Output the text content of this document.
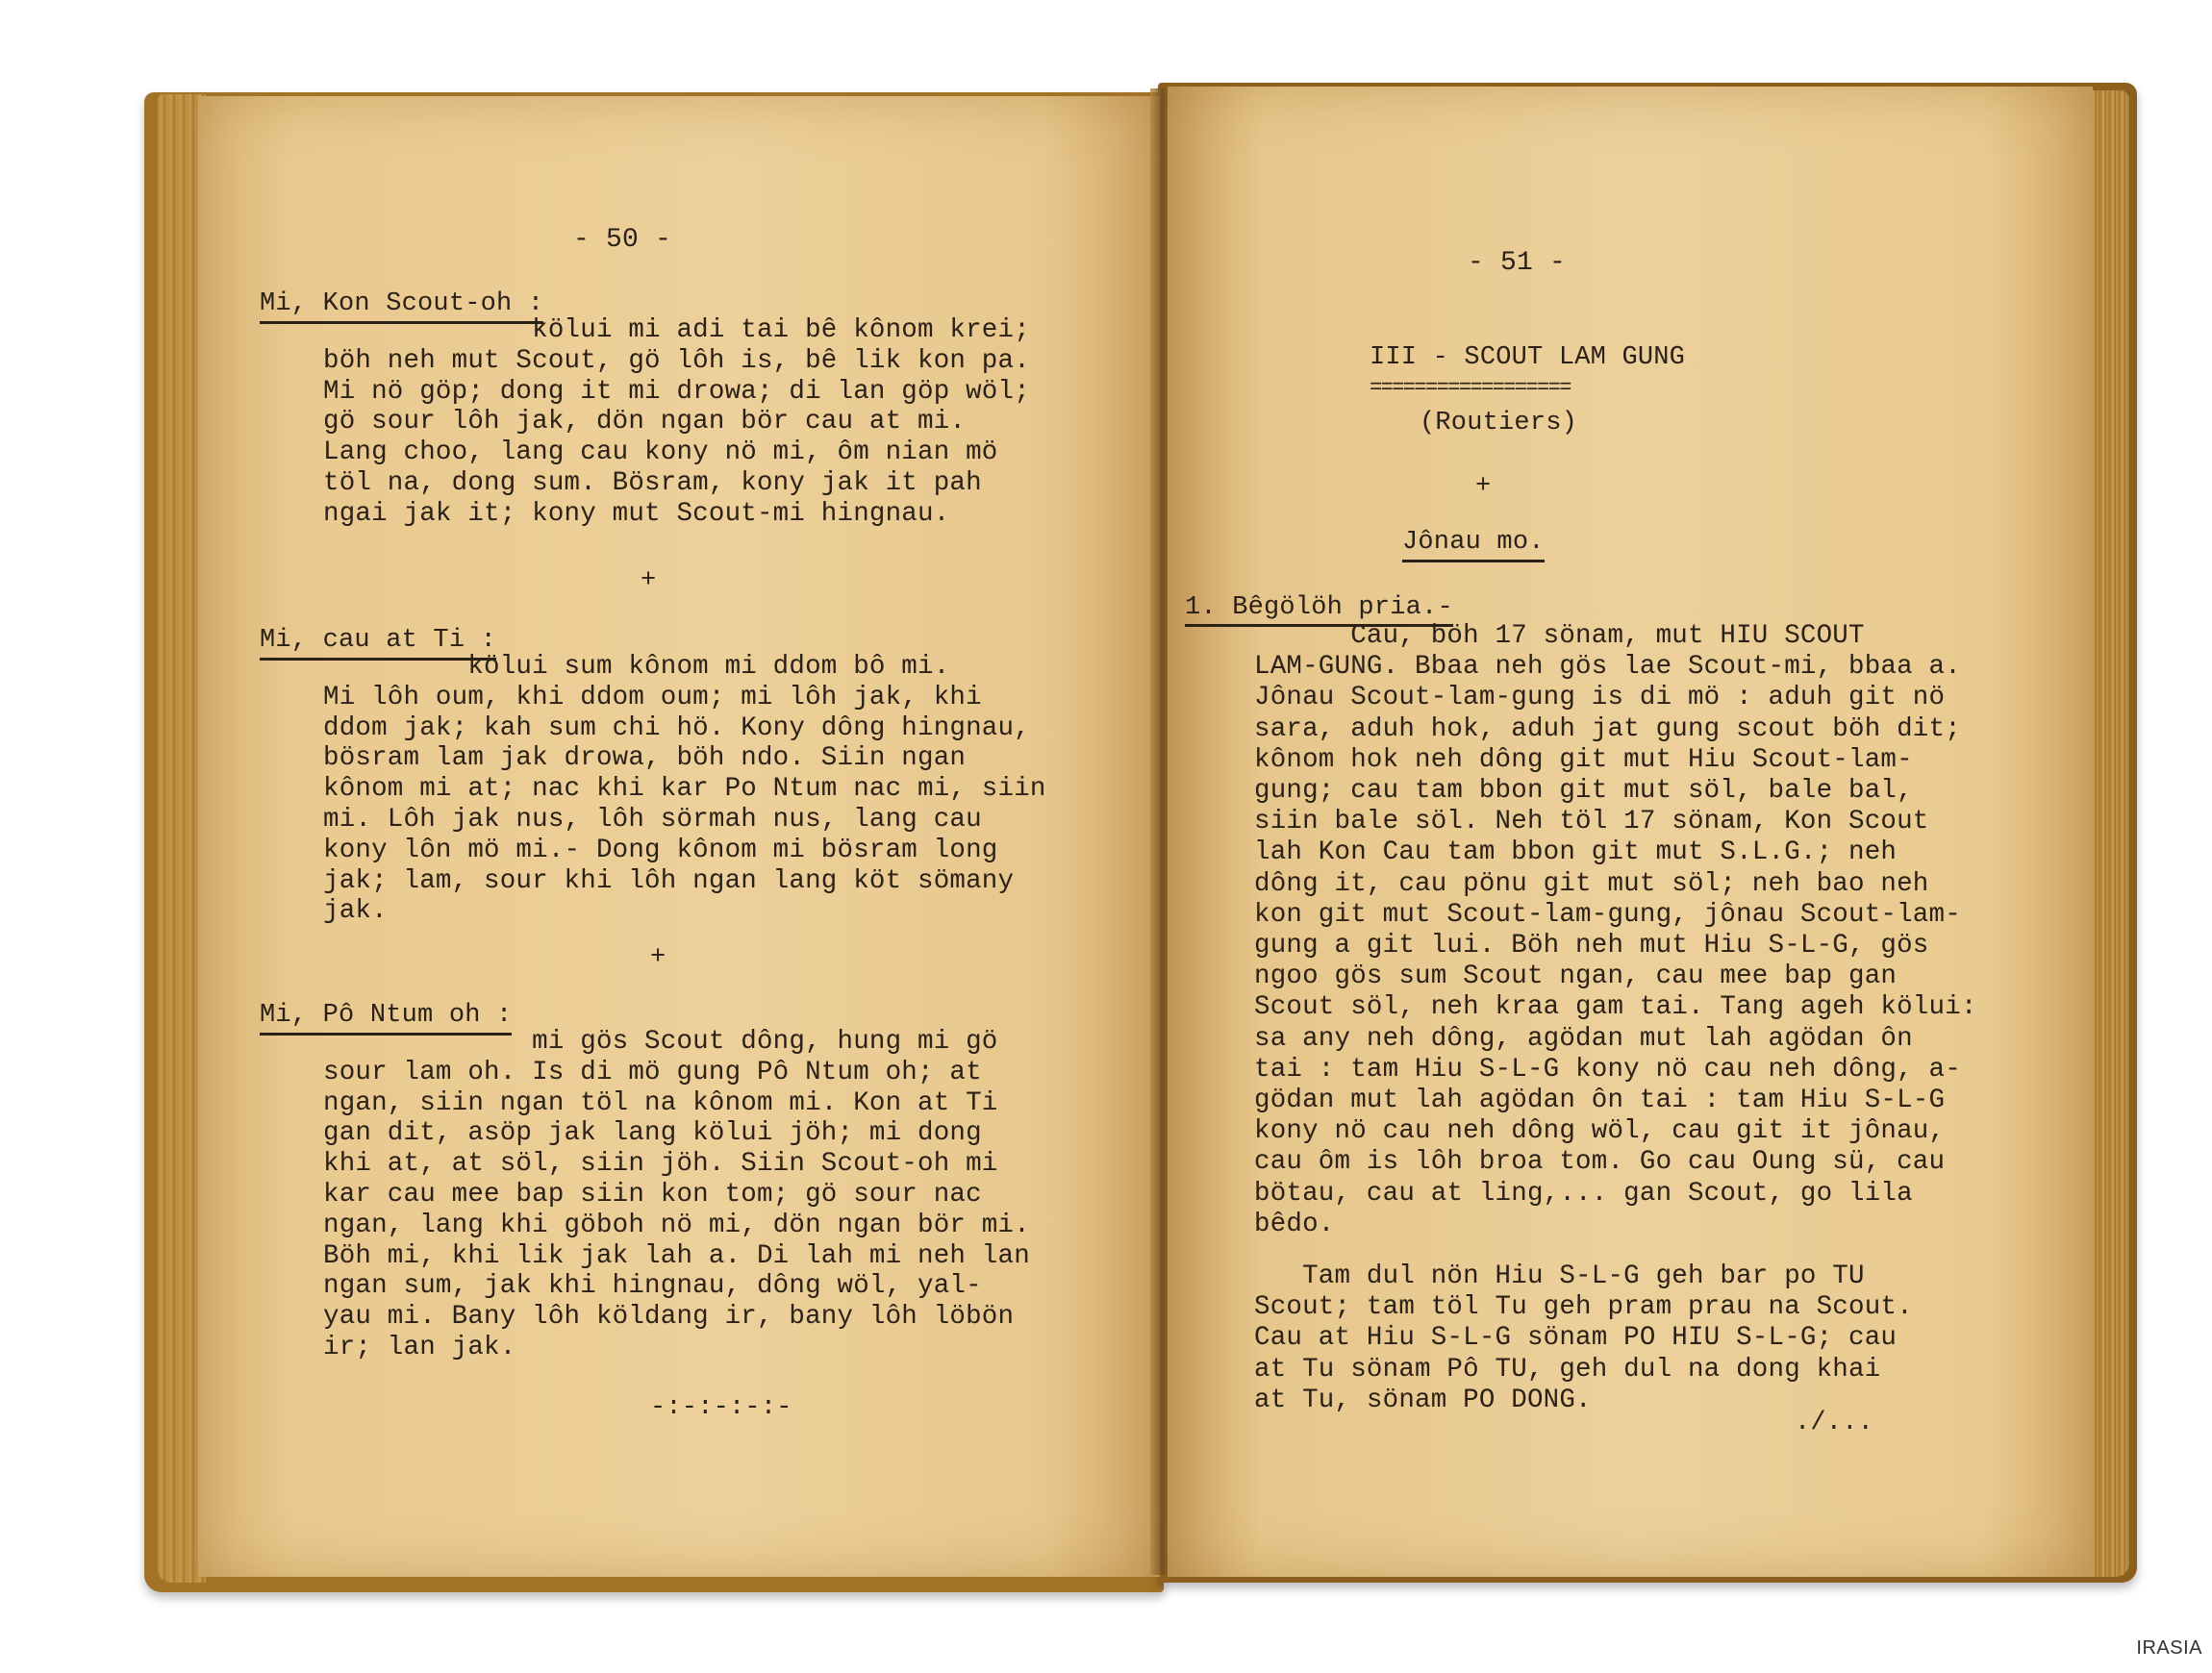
- 50 -

Mi, Kon Scout-oh :

kölui mi adi tai bê kônom krei;

böh neh mut Scout, gö lôh is, bê lik kon pa.

Mi nö göp; dong it mi drowa; di lan göp wöl;

gö sour lôh jak, dön ngan bör cau at mi.

Lang choo, lang cau kony nö mi, ôm nian mö

töl na, dong sum. Bösram, kony jak it pah

ngai jak it; kony mut Scout-mi hingnau.

+

Mi, cau at Ti :

kölui sum kônom mi ddom bô mi.

Mi lôh oum, khi ddom oum; mi lôh jak, khi

ddom jak; kah sum chi hö. Kony dông hingnau,

bösram lam jak drowa, böh ndo. Siin ngan

kônom mi at; nac khi kar Po Ntum nac mi, siin

mi. Lôh jak nus, lôh sörmah nus, lang cau

kony lôn mö mi.- Dong kônom mi bösram long

jak; lam, sour khi lôh ngan lang köt sömany

jak.

+

Mi, Pô Ntum oh :

mi gös Scout dông, hung mi gö

sour lam oh. Is di mö gung Pô Ntum oh; at

ngan, siin ngan töl na kônom mi. Kon at Ti

gan dit, asöp jak lang kölui jöh; mi dong

khi at, at söl, siin jöh. Siin Scout-oh mi

kar cau mee bap siin kon tom; gö sour nac

ngan, lang khi göboh nö mi, dön ngan bör mi.

Böh mi, khi lik jak lah a. Di lah mi neh lan

ngan sum, jak khi hingnau, dông wöl, yal-

yau mi. Bany lôh köldang ir, bany lôh löbön

ir; lan jak.

-:-:-:-:-

- 51 -

III - SCOUT LAM GUNG

==================

(Routiers)

+

Jônau mo.

1. Bêgölöh pria.-

Cau, böh 17 sönam, mut HIU SCOUT

LAM-GUNG. Bbaa neh gös lae Scout-mi, bbaa a.

Jônau Scout-lam-gung is di mö : aduh git nö

sara, aduh hok, aduh jat gung scout böh dit;

kônom hok neh dông git mut Hiu Scout-lam-

gung; cau tam bbon git mut söl, bale bal,

siin bale söl. Neh töl 17 sönam, Kon Scout

lah Kon Cau tam bbon git mut S.L.G.; neh

dông it, cau pönu git mut söl; neh bao neh

kon git mut Scout-lam-gung, jônau Scout-lam-

gung a git lui. Böh neh mut Hiu S-L-G, gös

ngoo gös sum Scout ngan, cau mee bap gan

Scout söl, neh kraa gam tai. Tang ageh kölui:

sa any neh dông, agödan mut lah agödan ôn

tai : tam Hiu S-L-G kony nö cau neh dông, a-

gödan mut lah agödan ôn tai : tam Hiu S-L-G

kony nö cau neh dông wöl, cau git it jônau,

cau ôm is lôh broa tom. Go cau Oung sü, cau

bötau, cau at ling,... gan Scout, go lila

bêdo.

Tam dul nön Hiu S-L-G geh bar po TU

Scout; tam töl Tu geh pram prau na Scout.

Cau at Hiu S-L-G sönam PO HIU S-L-G; cau

at Tu sönam Pô TU, geh dul na dong khai

at Tu, sönam PO DONG.

./...

IRASIA
